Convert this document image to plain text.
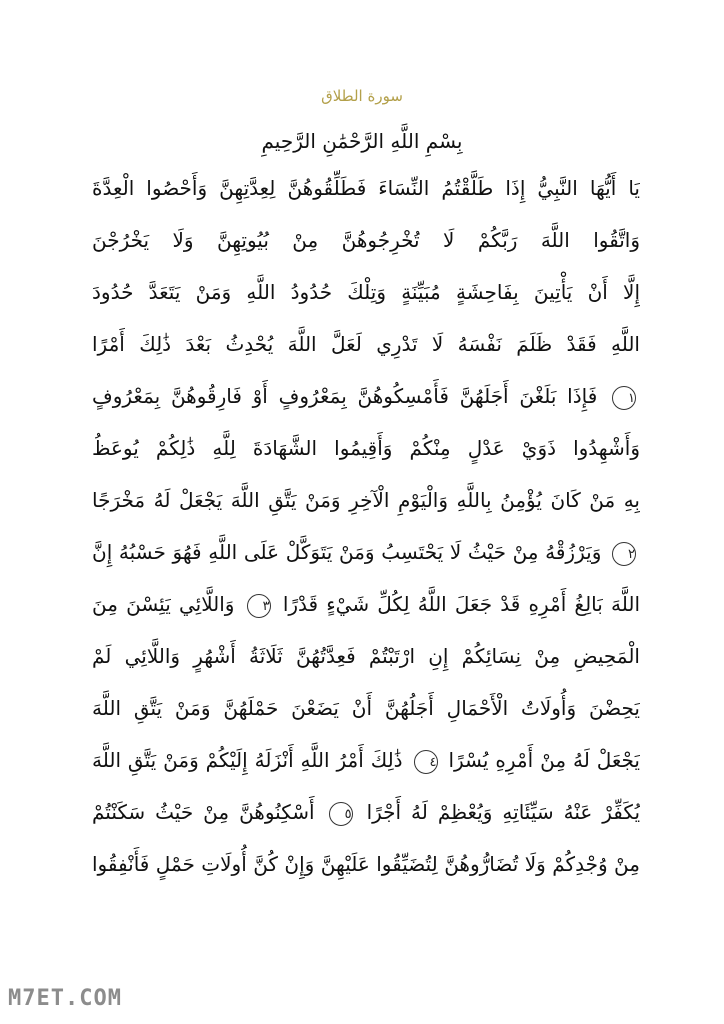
سورة الطلاق
بِسْمِ اللَّهِ الرَّحْمَٰنِ الرَّحِيمِ
يَا أَيُّهَا النَّبِيُّ إِذَا طَلَّقْتُمُ النِّسَاءَ فَطَلِّقُوهُنَّ لِعِدَّتِهِنَّ وَأَحْصُوا الْعِدَّةَ
وَاتَّقُوا اللَّهَ رَبَّكُمْ لَا تُخْرِجُوهُنَّ مِنْ بُيُوتِهِنَّ وَلَا يَخْرُجْنَ
إِلَّا أَنْ يَأْتِينَ بِفَاحِشَةٍ مُبَيِّنَةٍ وَتِلْكَ حُدُودُ اللَّهِ وَمَنْ يَتَعَدَّ حُدُودَ
اللَّهِ فَقَدْ ظَلَمَ نَفْسَهُ لَا تَدْرِي لَعَلَّ اللَّهَ يُحْدِثُ بَعْدَ ذَٰلِكَ أَمْرًا
١ فَإِذَا بَلَغْنَ أَجَلَهُنَّ فَأَمْسِكُوهُنَّ بِمَعْرُوفٍ أَوْ فَارِقُوهُنَّ بِمَعْرُوفٍ
وَأَشْهِدُوا ذَوَيْ عَدْلٍ مِنْكُمْ وَأَقِيمُوا الشَّهَادَةَ لِلَّهِ ذَٰلِكُمْ يُوعَظُ
بِهِ مَنْ كَانَ يُؤْمِنُ بِاللَّهِ وَالْيَوْمِ الْآخِرِ وَمَنْ يَتَّقِ اللَّهَ يَجْعَلْ لَهُ مَخْرَجًا
٢ وَيَرْزُقْهُ مِنْ حَيْثُ لَا يَحْتَسِبُ وَمَنْ يَتَوَكَّلْ عَلَى اللَّهِ فَهُوَ حَسْبُهُ إِنَّ
اللَّهَ بَالِغُ أَمْرِهِ قَدْ جَعَلَ اللَّهُ لِكُلِّ شَيْءٍ قَدْرًا ٣ وَاللَّائِي يَئِسْنَ مِنَ
الْمَحِيضِ مِنْ نِسَائِكُمْ إِنِ ارْتَبْتُمْ فَعِدَّتُهُنَّ ثَلَاثَةُ أَشْهُرٍ وَاللَّائِي لَمْ
يَحِضْنَ وَأُولَاتُ الْأَحْمَالِ أَجَلُهُنَّ أَنْ يَضَعْنَ حَمْلَهُنَّ وَمَنْ يَتَّقِ اللَّهَ
يَجْعَلْ لَهُ مِنْ أَمْرِهِ يُسْرًا ٤ ذَٰلِكَ أَمْرُ اللَّهِ أَنْزَلَهُ إِلَيْكُمْ وَمَنْ يَتَّقِ اللَّهَ
يُكَفِّرْ عَنْهُ سَيِّئَاتِهِ وَيُعْظِمْ لَهُ أَجْرًا ٥ أَسْكِنُوهُنَّ مِنْ حَيْثُ سَكَنْتُمْ
مِنْ وُجْدِكُمْ وَلَا تُضَارُّوهُنَّ لِتُضَيِّقُوا عَلَيْهِنَّ وَإِنْ كُنَّ أُولَاتِ حَمْلٍ فَأَنْفِقُوا
M7ET.COM
